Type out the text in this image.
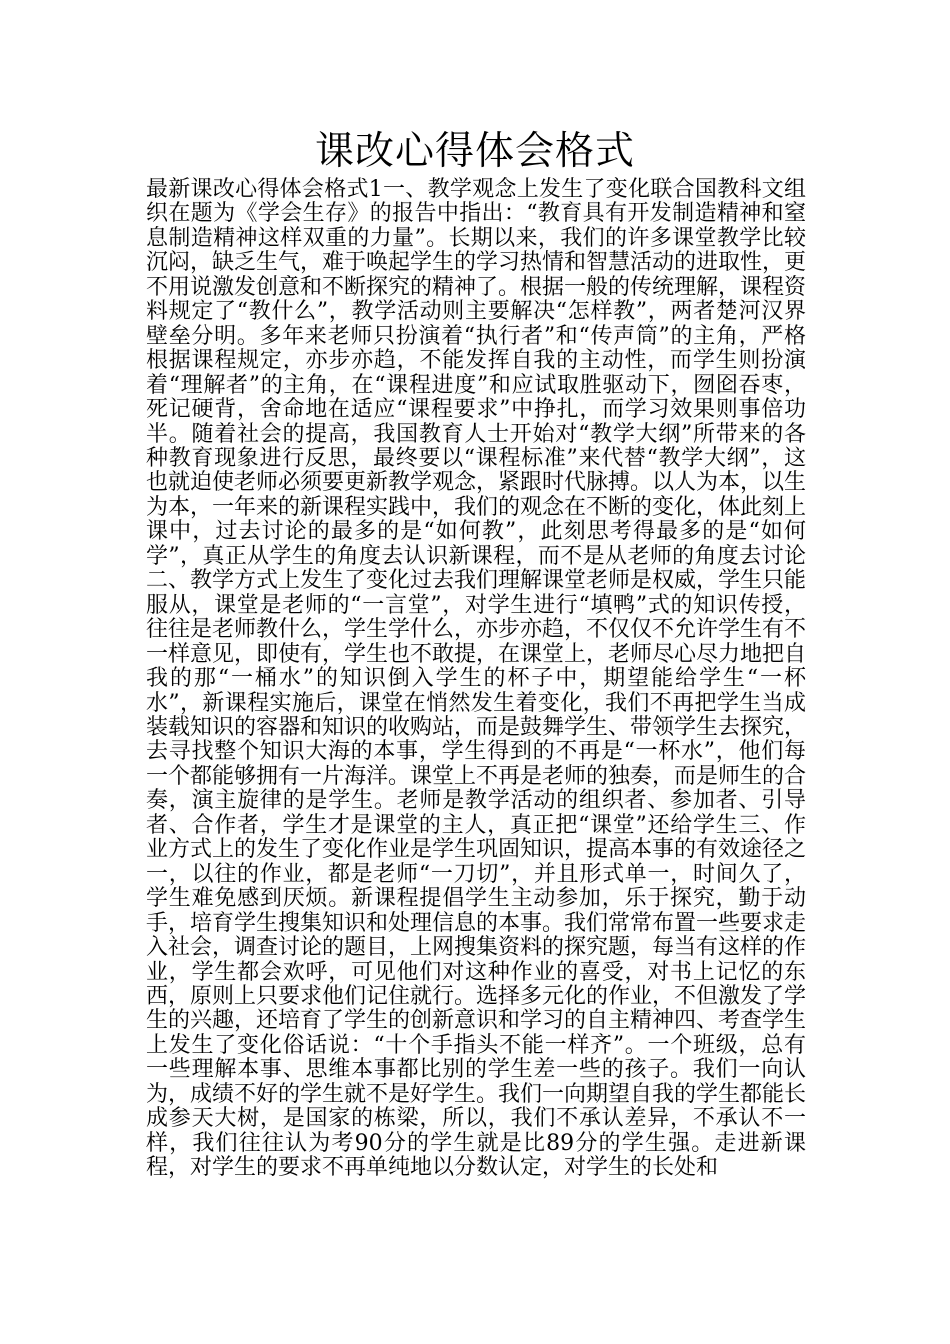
课改心得体会格式

最新课改心得体会格式1一、教学观念上发生了变化联合国教科文组织在题为《学会生存》的报告中指出：“教育具有开发制造精神和窒息制造精神这样双重的力量”。长期以来，我们的许多课堂教学比较沉闷，缺乏生气，难于唤起学生的学习热情和智慧活动的进取性，更不用说激发创意和不断探究的精神了。根据一般的传统理解，课程资料规定了“教什么”，教学活动则主要解决“怎样教”，两者楚河汉界壁垒分明。多年来老师只扮演着“执行者”和“传声筒”的主角，严格根据课程规定，亦步亦趋，不能发挥自我的主动性，而学生则扮演着“理解者”的主角，在“课程进度”和应试取胜驱动下，囫囵吞枣，死记硬背，舍命地在适应“课程要求”中挣扎，而学习效果则事倍功半。随着社会的提高，我国教育人士开始对“教学大纲”所带来的各种教育现象进行反思，最终要以“课程标准”来代替“教学大纲”，这也就迫使老师必须要更新教学观念，紧跟时代脉搏。以人为本，以生为本，一年来的新课程实践中，我们的观念在不断的变化，体此刻上课中，过去讨论的最多的是“如何教”，此刻思考得最多的是“如何学”，真正从学生的角度去认识新课程，而不是从老师的角度去讨论二、教学方式上发生了变化过去我们理解课堂老师是权威，学生只能服从，课堂是老师的“一言堂”，对学生进行“填鸭”式的知识传授，往往是老师教什么，学生学什么，亦步亦趋，不仅仅不允许学生有不一样意见，即使有，学生也不敢提，在课堂上，老师尽心尽力地把自我的那“一桶水”的知识倒入学生的杯子中，期望能给学生“一杯水”，新课程实施后，课堂在悄然发生着变化，我们不再把学生当成装载知识的容器和知识的收购站，而是鼓舞学生、带领学生去探究，去寻找整个知识大海的本事，学生得到的不再是“一杯水”，他们每一个都能够拥有一片海洋。课堂上不再是老师的独奏，而是师生的合奏，演主旋律的是学生。老师是教学活动的组织者、参加者、引导者、合作者，学生才是课堂的主人，真正把“课堂”还给学生三、作业方式上的发生了变化作业是学生巩固知识，提高本事的有效途径之一，以往的作业，都是老师“一刀切”，并且形式单一，时间久了，学生难免感到厌烦。新课程提倡学生主动参加，乐于探究，勤于动手，培育学生搜集知识和处理信息的本事。我们常常布置一些要求走入社会，调查讨论的题目，上网搜集资料的探究题，每当有这样的作业，学生都会欢呼，可见他们对这种作业的喜受，对书上记忆的东西，原则上只要求他们记住就行。选择多元化的作业，不但激发了学生的兴趣，还培育了学生的创新意识和学习的自主精神四、考查学生上发生了变化俗话说：“十个手指头不能一样齐”。一个班级，总有一些理解本事、思维本事都比别的学生差一些的孩子。我们一向认为，成绩不好的学生就不是好学生。我们一向期望自我的学生都能长成参天大树，是国家的栋梁，所以，我们不承认差异，不承认不一样，我们往往认为考90分的学生就是比89分的学生强。走进新课程，对学生的要求不再单纯地以分数认定，对学生的长处和
